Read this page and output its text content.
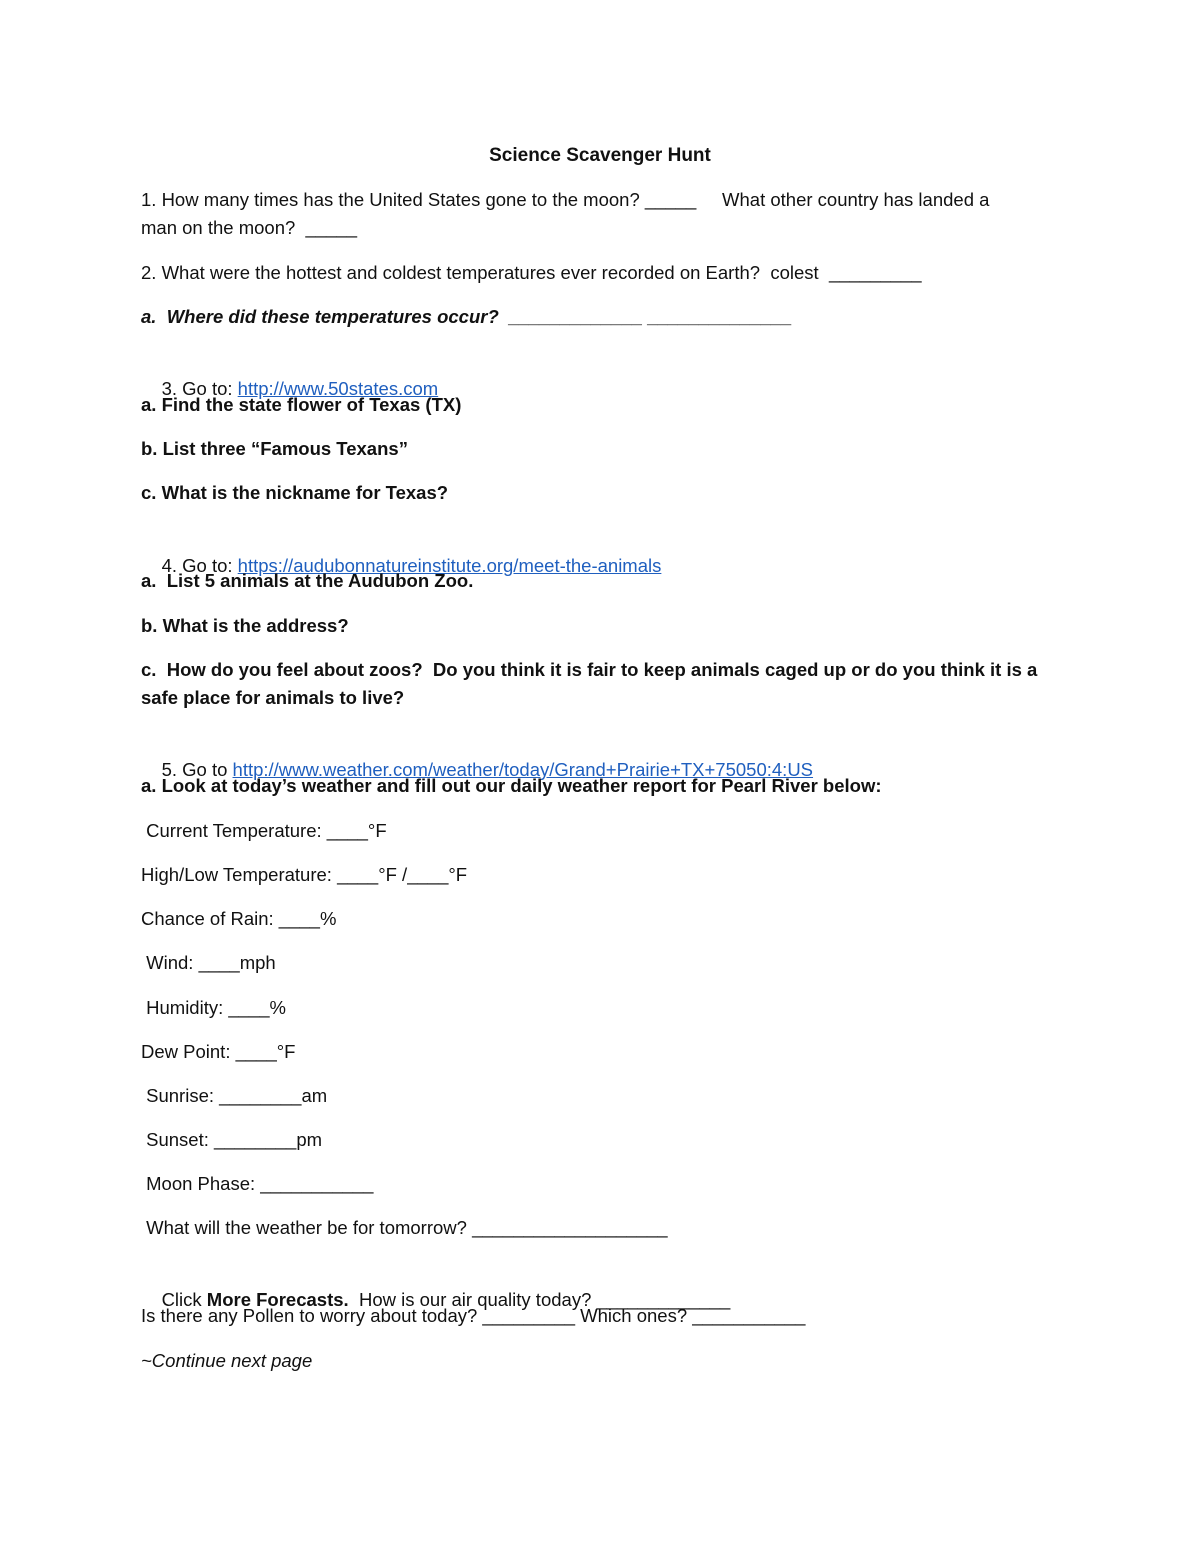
Science Scavenger Hunt
1. How many times has the United States gone to the moon? _____     What other country has landed a
man on the moon?  _____
2. What were the hottest and coldest temperatures ever recorded on Earth?  colest  _________
a.  Where did these temperatures occur?  _____________ ______________

3. Go to: http://www.50states.com

a. Find the state flower of Texas (TX)
b. List three “Famous Texans”
c. What is the nickname for Texas?

4. Go to: https://audubonnatureinstitute.org/meet-the-animals

a.  List 5 animals at the Audubon Zoo.
b. What is the address?
c.  How do you feel about zoos?  Do you think it is fair to keep animals caged up or do you think it is a
safe place for animals to live?

5. Go to http://www.weather.com/weather/today/Grand+Prairie+TX+75050:4:US

a. Look at today’s weather and fill out our daily weather report for Pearl River below:
Current Temperature: ____°F
High/Low Temperature: ____°F /____°F
Chance of Rain: ____%
Wind: ____mph
Humidity: ____%
Dew Point: ____°F
Sunrise: ________am
Sunset: ________pm
Moon Phase: ___________
What will the weather be for tomorrow? ___________________

Click More Forecasts.  How is our air quality today? _____________

Is there any Pollen to worry about today? _________ Which ones? ___________
~Continue next page
